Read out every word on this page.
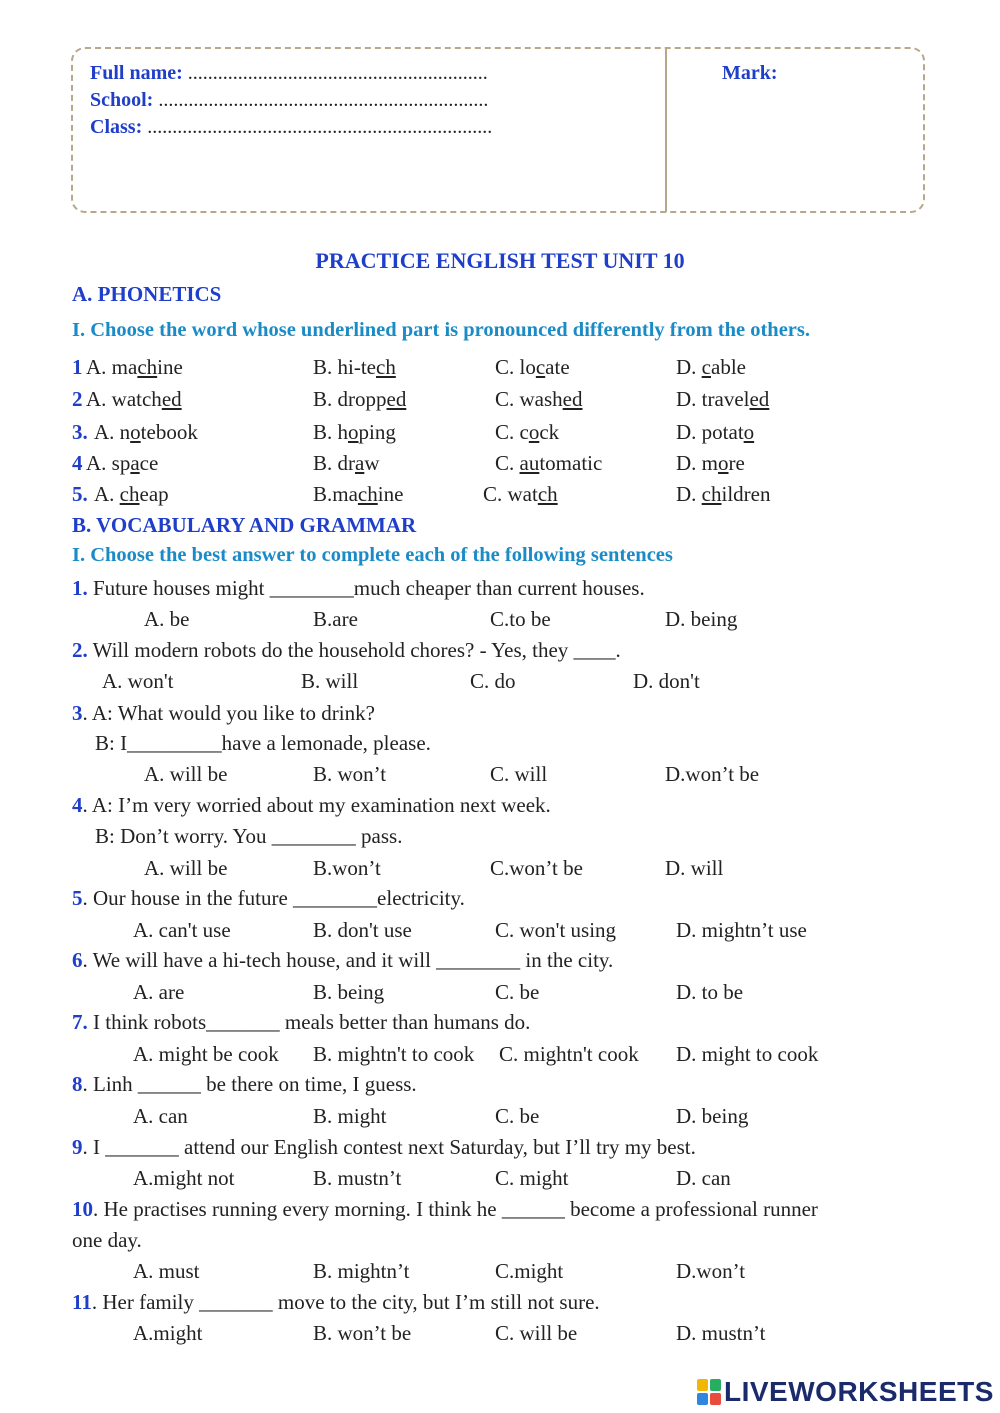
Full name: ............................................................
School: ..................................................................
Class: .....................................................................
Mark:
PRACTICE ENGLISH TEST UNIT 10
A. PHONETICS
I. Choose the word whose underlined part is pronounced differently from the others.
1 A. machine	B. hi-tech	C. locate	D. cable
2 A. watched	B. dropped	C. washed	D. traveled
3. A. notebook	B. hoping	C. cock	D. potato
4 A. space	B. draw	C. automatic	D. more
5. A. cheap	B.machine	C. watch	D. children
B. VOCABULARY AND GRAMMAR
I. Choose the best answer to complete each of the following sentences
1. Future houses might ________much cheaper than current houses.
A. be	B.are	C.to be	D. being
2. Will modern robots do the household chores? - Yes, they ____.
A. won't	B. will	C. do	D. don't
3. A: What would you like to drink?
B: I_________have a lemonade, please.
A. will be	B. won’t	C. will	D.won’t be
4. A: I’m very worried about my examination next week.
B: Don’t worry. You ________ pass.
A. will be	B.won’t	C.won’t be	D. will
5. Our house in the future ________electricity.
A. can't use	B. don't use	C. won't using	D. mightn’t use
6. We will have a hi-tech house, and it will ________ in the city.
A. are	B. being	C. be	D. to be
7. I think robots_______ meals better than humans do.
A. might be cook B. mightn't to cook C. mightn't cook D. might to cook
8. Linh ______ be there on time, I guess.
A. can	B. might	C. be	D. being
9. I _______ attend our English contest next Saturday, but I’ll try my best.
A.might not	B. mustn’t	C. might	D. can
10. He practises running every morning. I think he ______ become a professional runner
one day.
A. must	B. mightn’t	C.might	D.won’t
11. Her family _______ move to the city, but I’m still not sure.
A.might	B. won’t be	C. will be	D. mustn’t
LIVEWORKSHEETS
